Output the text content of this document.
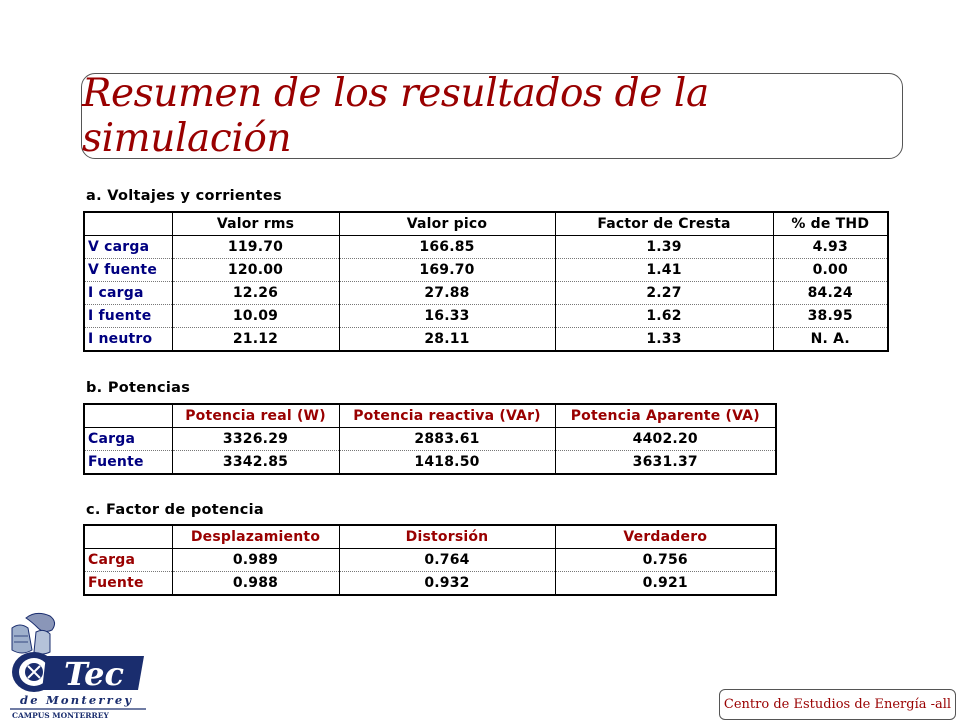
Resumen de los resultados de la simulación
a. Voltajes y corrientes
	Valor rms	Valor pico	Factor de Cresta	% de THD
V carga	119.70	166.85	1.39	4.93
V fuente	120.00	169.70	1.41	0.00
I carga	12.26	27.88	2.27	84.24
I fuente	10.09	16.33	1.62	38.95
I neutro	21.12	28.11	1.33	N. A.
b. Potencias
	Potencia real (W)	Potencia reactiva (VAr)	Potencia Aparente (VA)
Carga	3326.29	2883.61	4402.20
Fuente	3342.85	1418.50	3631.37
c. Factor de potencia
	Desplazamiento	Distorsión	Verdadero
Carga	0.989	0.764	0.756
Fuente	0.988	0.932	0.921
Tec
de Monterrey
CAMPUS MONTERREY
Centro de Estudios de Energía -all
